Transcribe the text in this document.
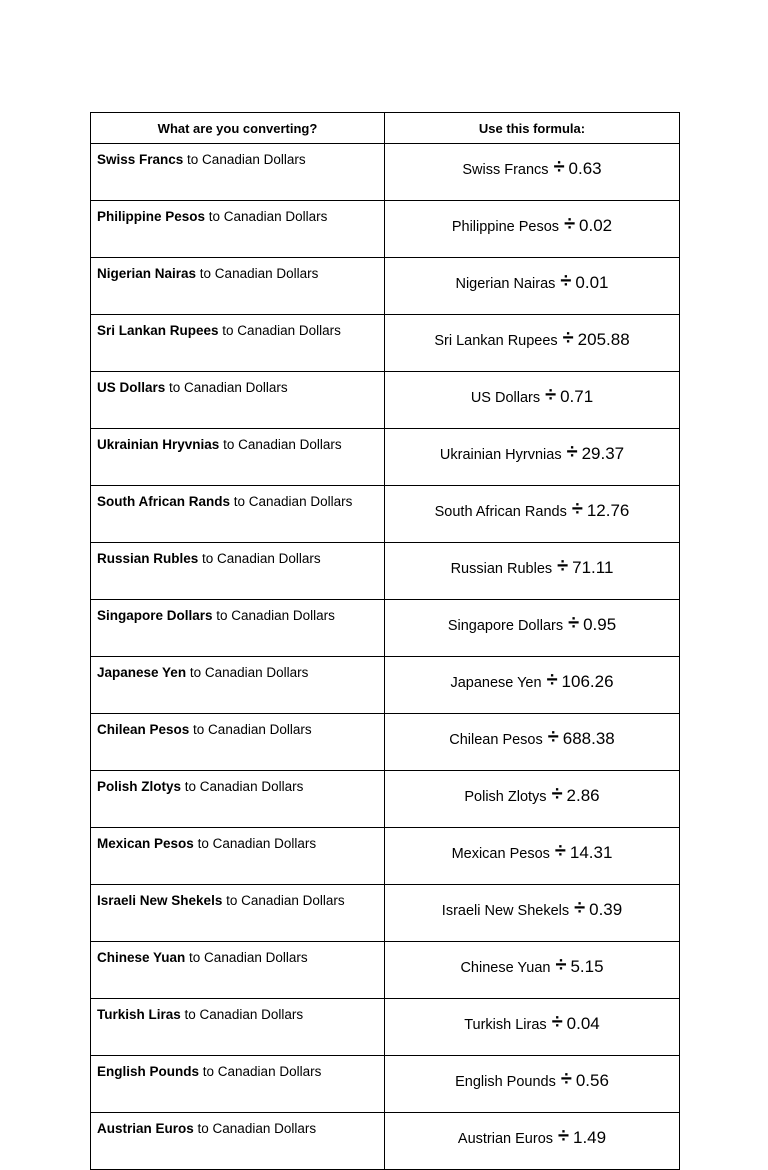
What are you converting?	Use this formula:
Swiss Francs to Canadian Dollars	Swiss Francs ÷ 0.63
Philippine Pesos to Canadian Dollars	Philippine Pesos ÷ 0.02
Nigerian Nairas to Canadian Dollars	Nigerian Nairas ÷ 0.01
Sri Lankan Rupees to Canadian Dollars	Sri Lankan Rupees ÷ 205.88
US Dollars to Canadian Dollars	US Dollars ÷ 0.71
Ukrainian Hryvnias to Canadian Dollars	Ukrainian Hyrvnias ÷ 29.37
South African Rands to Canadian Dollars	South African Rands ÷ 12.76
Russian Rubles to Canadian Dollars	Russian Rubles ÷ 71.11
Singapore Dollars to Canadian Dollars	Singapore Dollars ÷ 0.95
Japanese Yen to Canadian Dollars	Japanese Yen ÷ 106.26
Chilean Pesos to Canadian Dollars	Chilean Pesos ÷ 688.38
Polish Zlotys to Canadian Dollars	Polish Zlotys ÷ 2.86
Mexican Pesos to Canadian Dollars	Mexican Pesos ÷ 14.31
Israeli New Shekels to Canadian Dollars	Israeli New Shekels ÷ 0.39
Chinese Yuan to Canadian Dollars	Chinese Yuan ÷ 5.15
Turkish Liras to Canadian Dollars	Turkish Liras ÷ 0.04
English Pounds to Canadian Dollars	English Pounds ÷ 0.56
Austrian Euros to Canadian Dollars	Austrian Euros ÷ 1.49
